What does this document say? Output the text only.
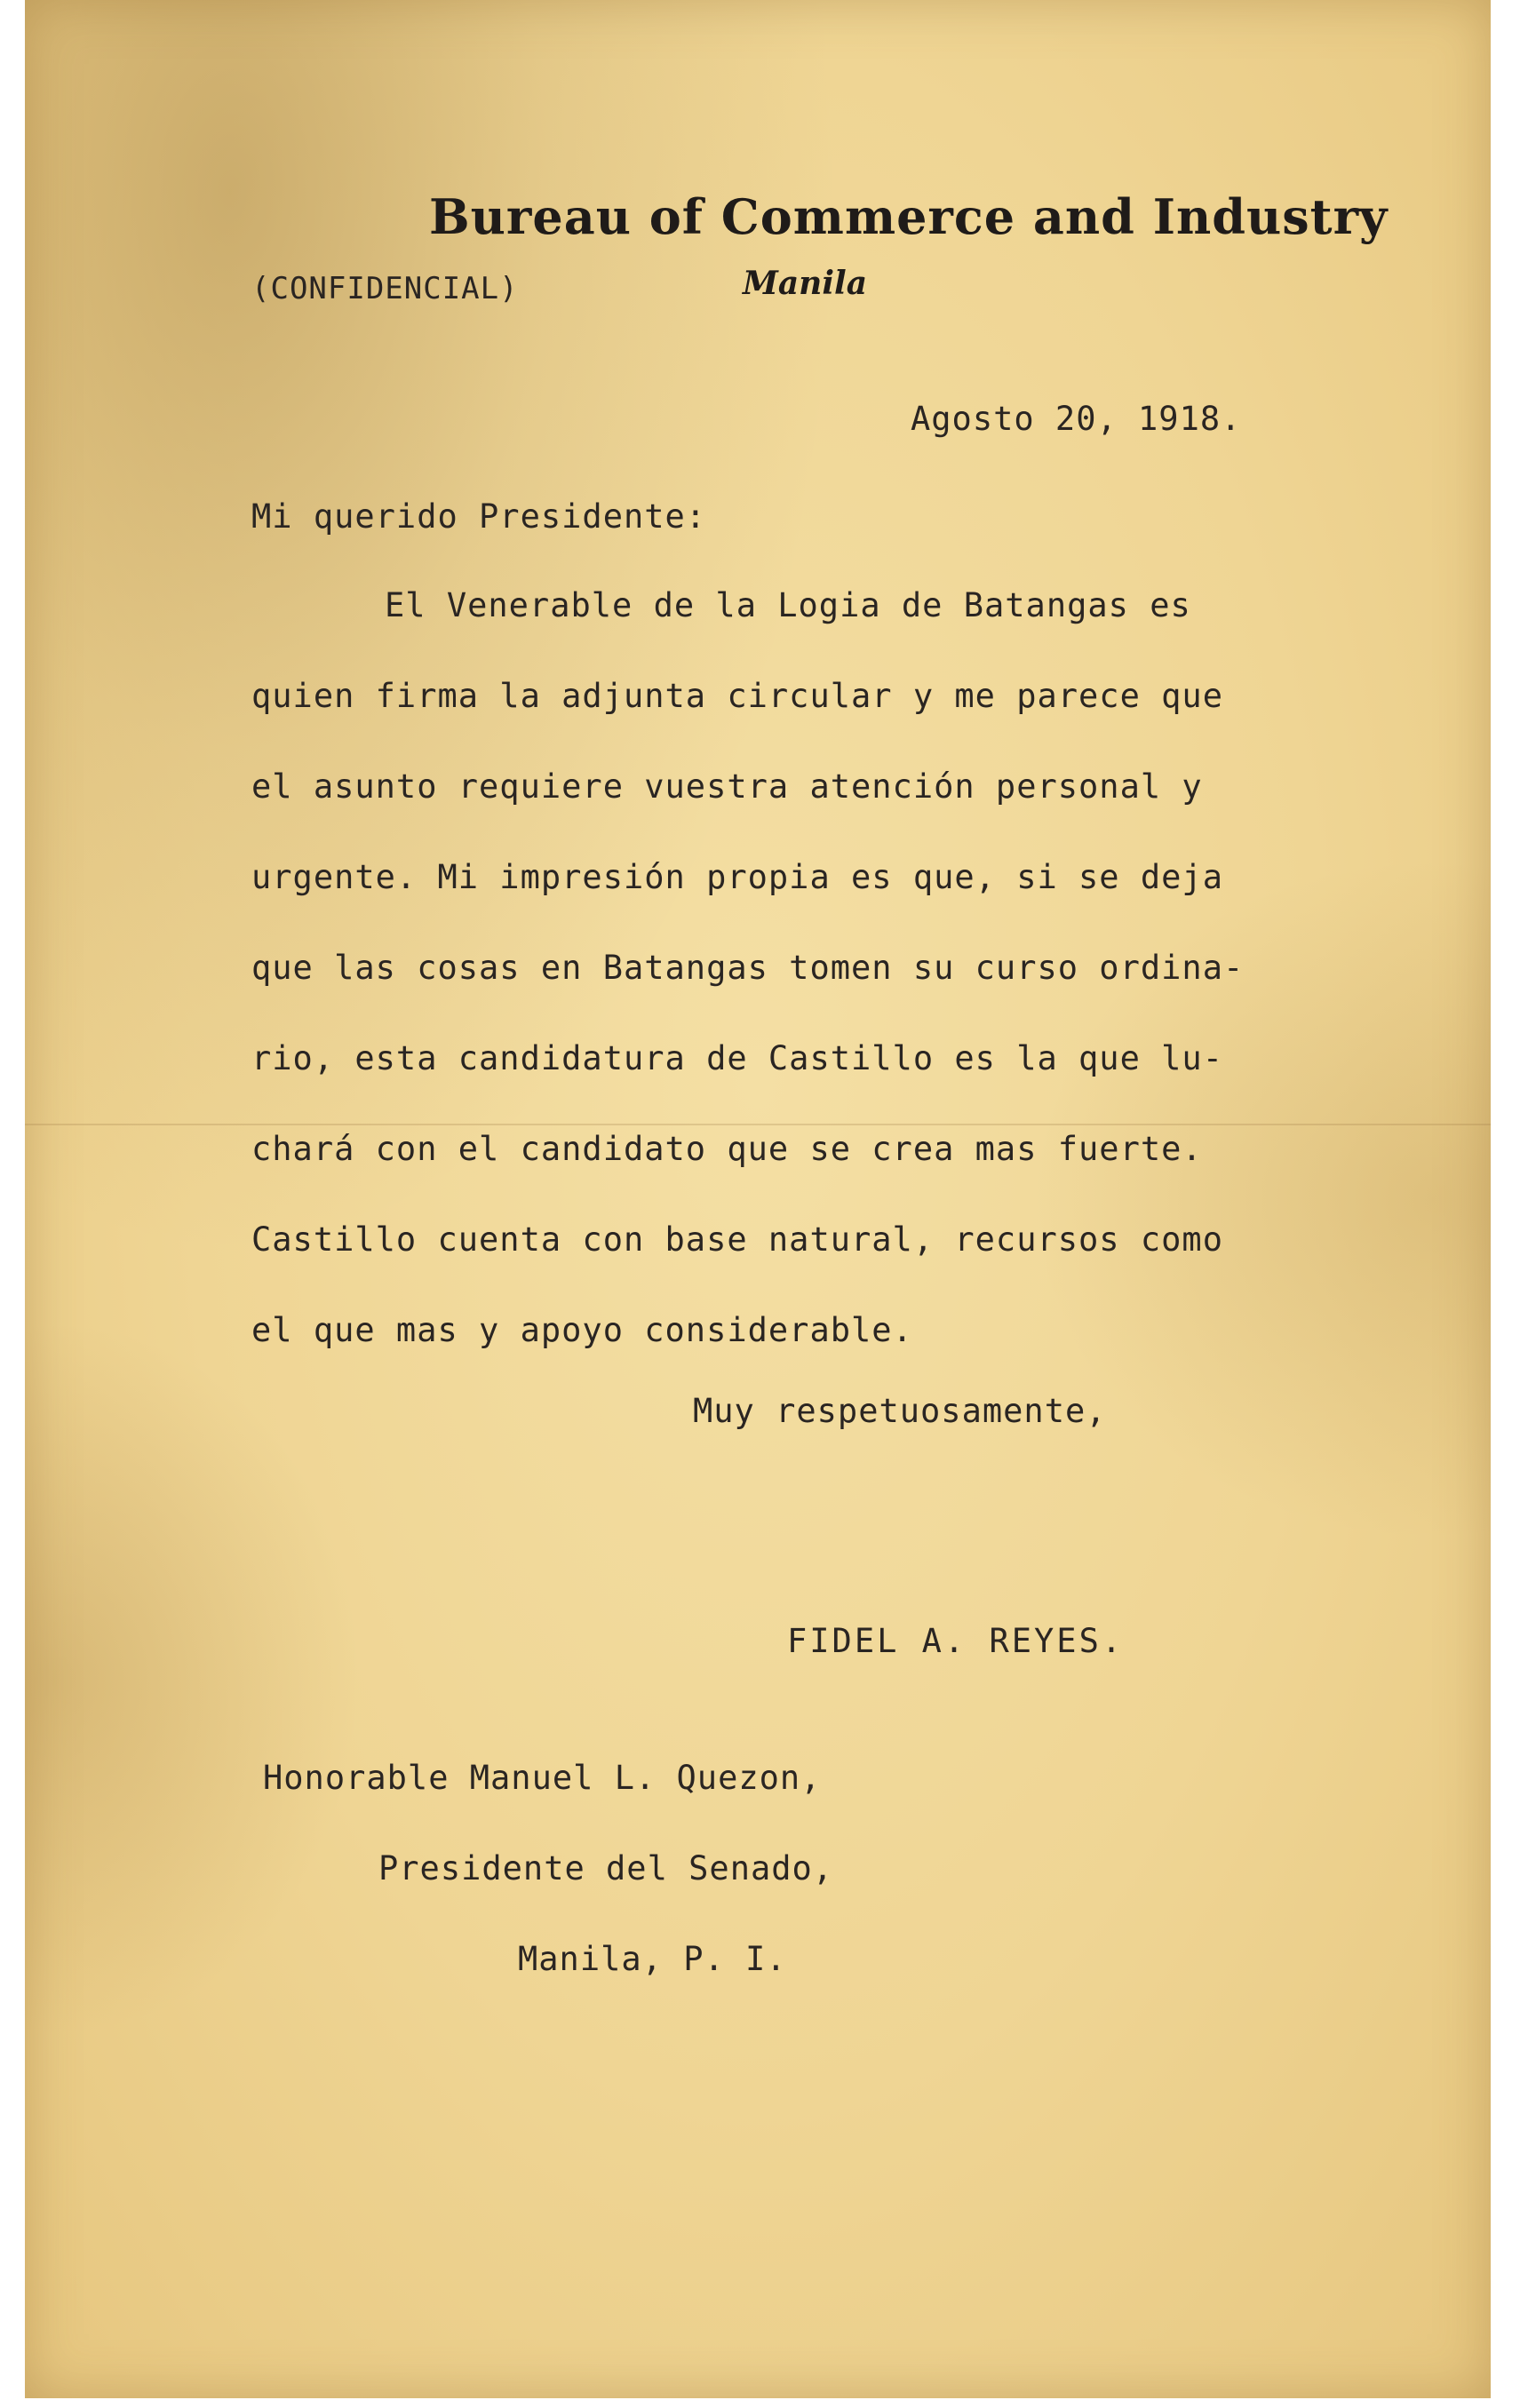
Bureau of Commerce and Industry
Manila
(CONFIDENCIAL)
Agosto 20, 1918.
Mi querido Presidente:
El Venerable de la Logia de Batangas es
quien firma la adjunta circular y me parece que
el asunto requiere vuestra atención personal y
urgente. Mi impresión propia es que, si se deja
que las cosas en Batangas tomen su curso ordina-
rio, esta candidatura de Castillo es la que lu-
chará con el candidato que se crea mas fuerte.
Castillo cuenta con base natural, recursos como
el que mas y apoyo considerable.
Muy respetuosamente,
FIDEL A. REYES.
Honorable Manuel L. Quezon,
Presidente del Senado,
Manila, P. I.
